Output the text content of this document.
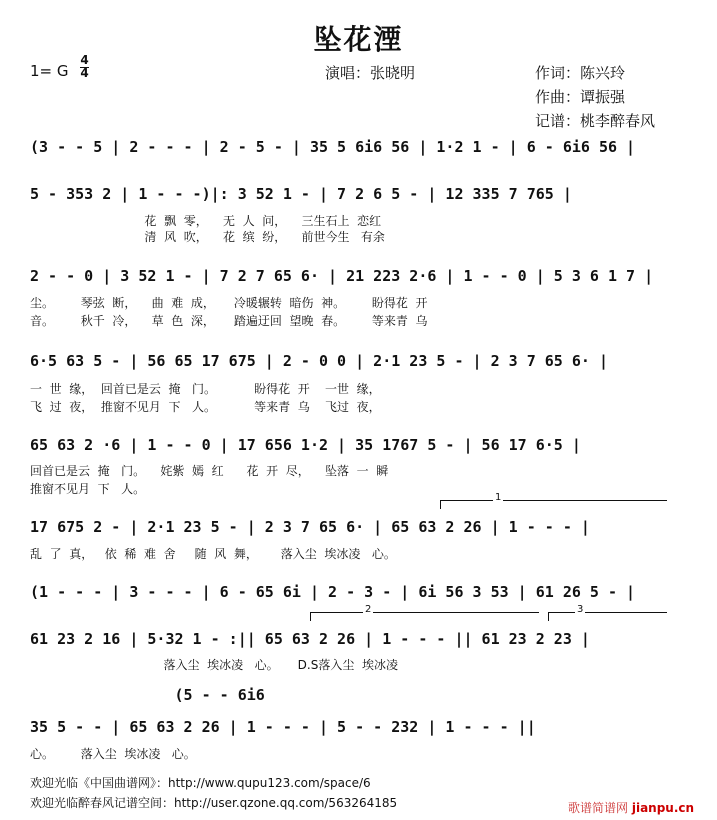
坠花湮
1= G
4
4	演唱：张晓明	作词：陈兴玲
作曲：谭振强
记谱：桃李醉春风
(3 - - 5 | 2 - - - | 2 - 5 - | 35 5 6i6 56 | 1·2 1 - | 6 - 6i6 56 |
5 - 353 2 | 1 - - -)|: 3 52 1 - | 7 2 6 5 - | 12 335 7 765 |
花  飘  零，    无  人  问，    三生石上  恋红
清  风  吹，    花  缤  纷，    前世今生   有余
2 - - 0 | 3 52 1 - | 7 2 7 65 6· | 21 223 2·6 | 1 - - 0 | 5 3 6 1 7 |
尘。       琴弦  断，    曲  难  成，     冷暖辗转  暗伤  神。       盼得花  开
音。       秋千  冷，    草  色  深，     踏遍迂回  望晚  春。       等来青  乌
6·5 63 5 - | 56 65 17 675 | 2 - 0 0 | 2·1 23 5 - | 2 3 7 65 6· |
一  世  缘，  回首已是云  掩   门。          盼得花  开    一世  缘，
飞  过  夜，  推窗不见月  下   人。          等来青  乌    飞过  夜，
65 63 2 ·6 | 1 - - 0 | 17 656 1·2 | 35 1767 5 - | 56 17 6·5 |
回首已是云  掩   门。    姹紫  嫣  红      花  开  尽，    坠落  一  瞬
推窗不见月  下   人。
1
17 675 2 - | 2·1 23 5 - | 2 3 7 65 6· | 65 63 2 26 | 1 - - - |
乱  了  真，   依  稀  难  舍     随  风  舞，      落入尘  埃冰凌   心。
(1 - - - | 3 - - - | 6 - 65 6i | 2 - 3 - | 6i 56 3 53 | 61 26 5 - |
2	3
61 23 2 16 | 5·32 1 - :|| 65 63 2 26 | 1 - - - || 61 23 2 23 |
落入尘  埃冰凌   心。     D.S落入尘  埃冰凌
(5 - - 6i6
35 5 - - | 65 63 2 26 | 1 - - - | 5 - - 232 | 1 - - - ||
心。       落入尘  埃冰凌   心。
欢迎光临《中国曲谱网》：http://www.qupu123.com/space/6
欢迎光临醉春风记谱空间：http://user.qzone.qq.com/563264185	歌谱简谱网 jianpu.cn
